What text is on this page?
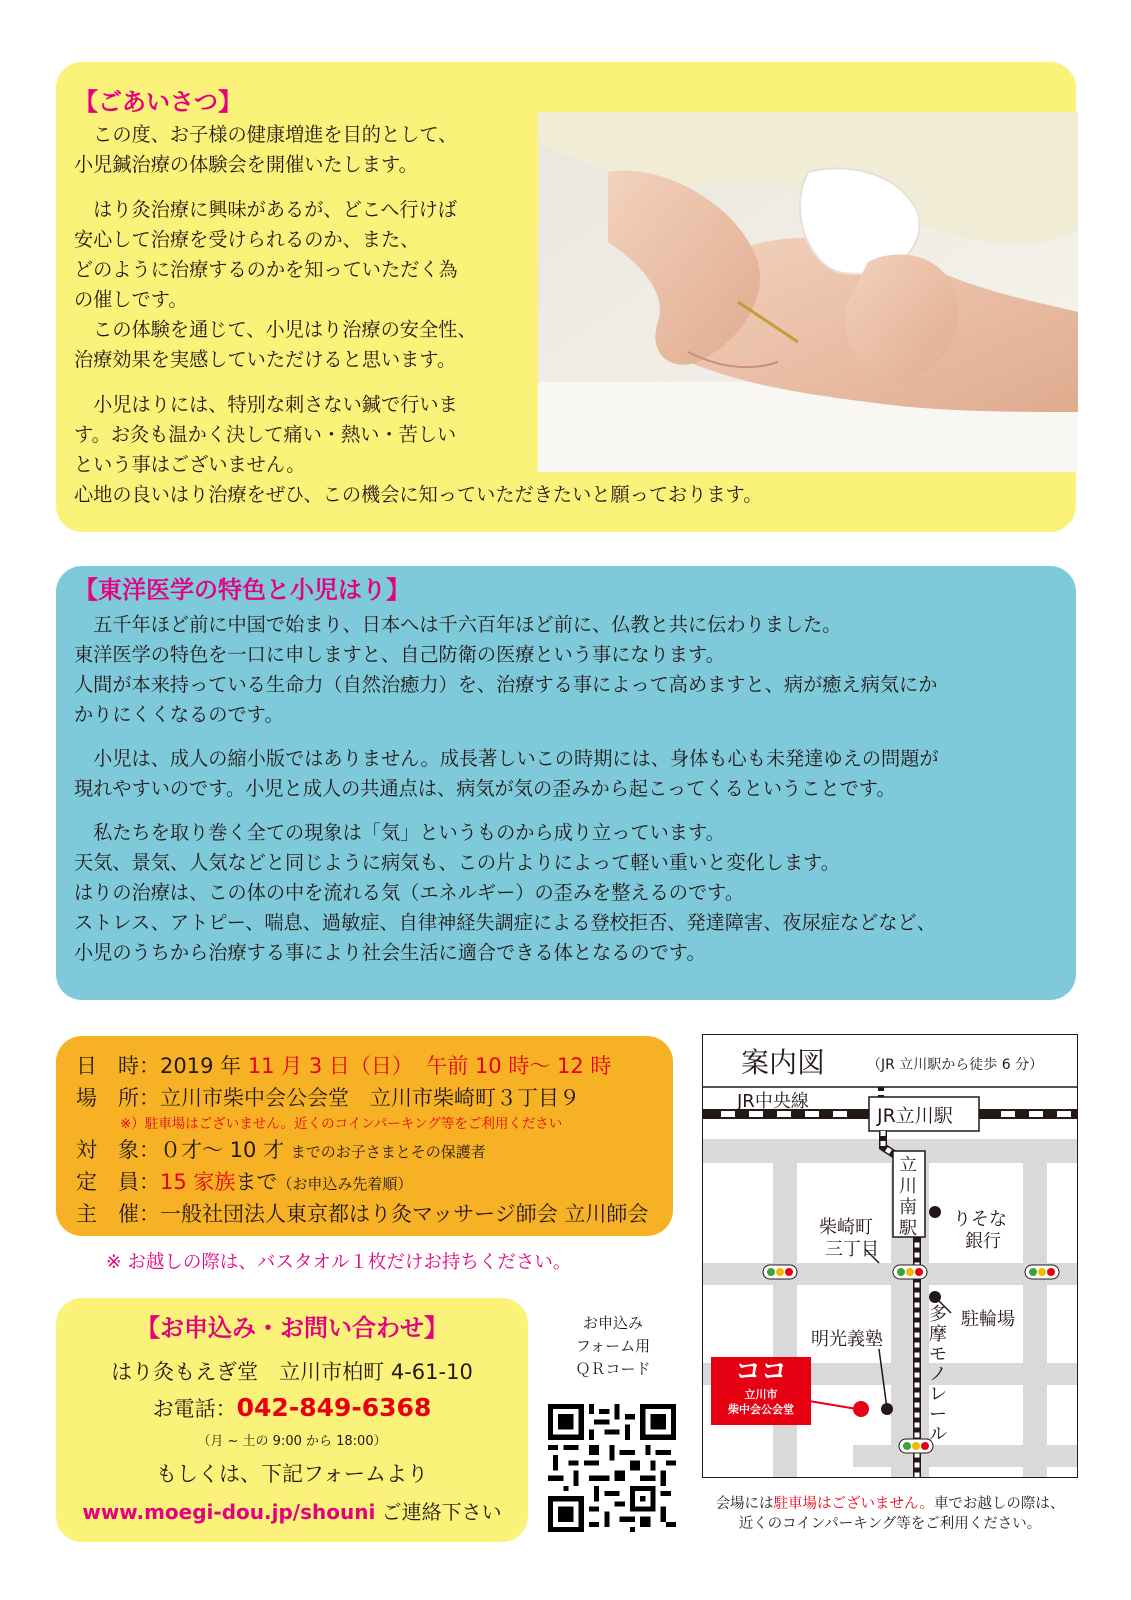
【ごあいさつ】
　この度、お子様の健康増進を目的として、
小児鍼治療の体験会を開催いたします。
　はり灸治療に興味があるが、どこへ行けば
安心して治療を受けられるのか、また、
どのように治療するのかを知っていただく為
の催しです。
　この体験を通じて、小児はり治療の安全性、
治療効果を実感していただけると思います。
　小児はりには、特別な刺さない鍼で行いま
す。お灸も温かく決して痛い・熱い・苦しい
という事はございません。
心地の良いはり治療をぜひ、この機会に知っていただきたいと願っております。
【東洋医学の特色と小児はり】
　五千年ほど前に中国で始まり、日本へは千六百年ほど前に、仏教と共に伝わりました。
東洋医学の特色を一口に申しますと、自己防衛の医療という事になります。
人間が本来持っている生命力（自然治癒力）を、治療する事によって高めますと、病が癒え病気にか
かりにくくなるのです。
　小児は、成人の縮小版ではありません。成長著しいこの時期には、身体も心も未発達ゆえの問題が
現れやすいのです。小児と成人の共通点は、病気が気の歪みから起こってくるということです。
　私たちを取り巻く全ての現象は「気」というものから成り立っています。
天気、景気、人気などと同じように病気も、この片よりによって軽い重いと変化します。
はりの治療は、この体の中を流れる気（エネルギー）の歪みを整えるのです。
ストレス、アトピー、喘息、過敏症、自律神経失調症による登校拒否、発達障害、夜尿症などなど、
小児のうちから治療する事により社会生活に適合できる体となるのです。
日　時：2019 年 11 月 3 日（日） 午前 10 時～ 12 時
場　所：立川市柴中会公会堂　立川市柴崎町３丁目９
※）駐車場はございません。近くのコインパーキング等をご利用ください
対　象：０才～ 10 才 までのお子さまとその保護者
定　員：15 家族まで（お申込み先着順）
主　催：一般社団法人東京都はり灸マッサージ師会 立川師会
※ お越しの際は、バスタオル１枚だけお持ちください。
【お申込み・お問い合わせ】
はり灸もえぎ堂　立川市柏町 4-61-10
お電話：042-849-6368
（月 ~ 土の 9:00 から 18:00）
もしくは、下記フォームより
www.moegi-dou.jp/shouni ご連絡下さい
お申込み
フォーム用
ＱＲコード
案内図	（JR 立川駅から徒歩 6 分）
JR中央線
JR立川駅
立
川
南
駅
柴崎町
三丁目
りそな
銀行
駐輪場
多
摩
モ
ノ
レ
ー
ル
明光義塾
ココ
立川市
柴中会公会堂
会場には駐車場はございません。車でお越しの際は、
近くのコインパーキング等をご利用ください。
